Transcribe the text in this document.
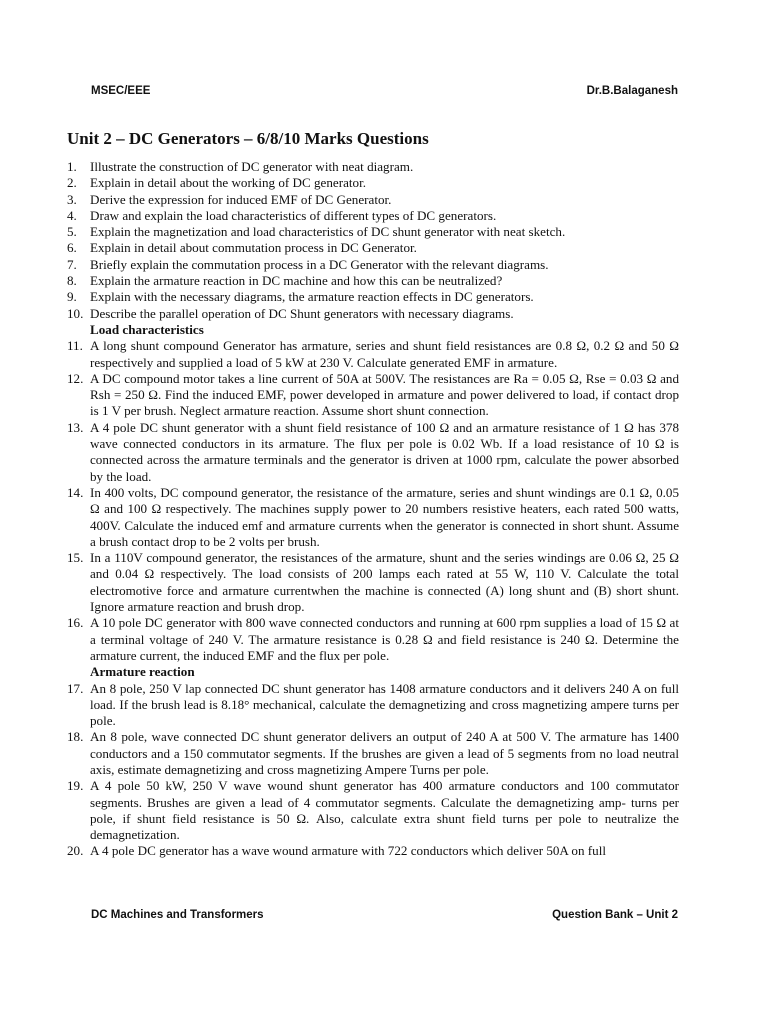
MSEC/EEE	Dr.B.Balaganesh
Unit 2 – DC Generators – 6/8/10 Marks Questions
1.	Illustrate the construction of DC generator with neat diagram.
2.	Explain in detail about the working of DC generator.
3.	Derive the expression for induced EMF of DC Generator.
4.	Draw and explain the load characteristics of different types of DC generators.
5.	Explain the magnetization and load characteristics of DC shunt generator with neat sketch.
6.	Explain in detail about commutation process in DC Generator.
7.	Briefly explain the commutation process in a DC Generator with the relevant diagrams.
8.	Explain the armature reaction in DC machine and how this can be neutralized?
9.	Explain with the necessary diagrams, the armature reaction effects in DC generators.
10. Describe the parallel operation of DC Shunt generators with necessary diagrams.
Load characteristics
11. A long shunt compound Generator has armature, series and shunt field resistances are 0.8 Ω, 0.2 Ω and 50 Ω respectively and supplied a load of 5 kW at 230 V. Calculate generated EMF in armature.
12. A DC compound motor takes a line current of 50A at 500V. The resistances are Ra = 0.05 Ω, Rse = 0.03 Ω and Rsh = 250 Ω. Find the induced EMF, power developed in armature and power delivered to load, if contact drop is 1 V per brush. Neglect armature reaction. Assume short shunt connection.
13. A 4 pole DC shunt generator with a shunt field resistance of 100 Ω and an armature resistance of 1 Ω has 378 wave connected conductors in its armature. The flux per pole is 0.02 Wb. If a load resistance of 10 Ω is connected across the armature terminals and the generator is driven at 1000 rpm, calculate the power absorbed by the load.
14. In 400 volts, DC compound generator, the resistance of the armature, series and shunt windings are 0.1 Ω, 0.05 Ω and 100 Ω respectively. The machines supply power to 20 numbers resistive heaters, each rated 500 watts, 400V. Calculate the induced emf and armature currents when the generator is connected in short shunt. Assume a brush contact drop to be 2 volts per brush.
15. In a 110V compound generator, the resistances of the armature, shunt and the series windings are 0.06 Ω, 25 Ω and 0.04 Ω respectively. The load consists of 200 lamps each rated at 55 W, 110 V. Calculate the total electromotive force and armature currentwhen the machine is connected (A) long shunt and (B) short shunt. Ignore armature reaction and brush drop.
16. A 10 pole DC generator with 800 wave connected conductors and running at 600 rpm supplies a load of 15 Ω at a terminal voltage of 240 V. The armature resistance is 0.28 Ω and field resistance is 240 Ω. Determine the armature current, the induced EMF and the flux per pole.
Armature reaction
17. An 8 pole, 250 V lap connected DC shunt generator has 1408 armature conductors and it delivers 240 A on full load. If the brush lead is 8.18° mechanical, calculate the demagnetizing and cross magnetizing ampere turns per pole.
18. An 8 pole, wave connected DC shunt generator delivers an output of 240 A at 500 V. The armature has 1400 conductors and a 150 commutator segments. If the brushes are given a lead of 5 segments from no load neutral axis, estimate demagnetizing and cross magnetizing Ampere Turns per pole.
19. A 4 pole 50 kW, 250 V wave wound shunt generator has 400 armature conductors and 100 commutator segments. Brushes are given a lead of 4 commutator segments. Calculate the demagnetizing amp- turns per pole, if shunt field resistance is 50 Ω. Also, calculate extra shunt field turns per pole to neutralize the demagnetization.
20. A 4 pole DC generator has a wave wound armature with 722 conductors which deliver 50A on full
DC Machines and Transformers	Question Bank – Unit 2
